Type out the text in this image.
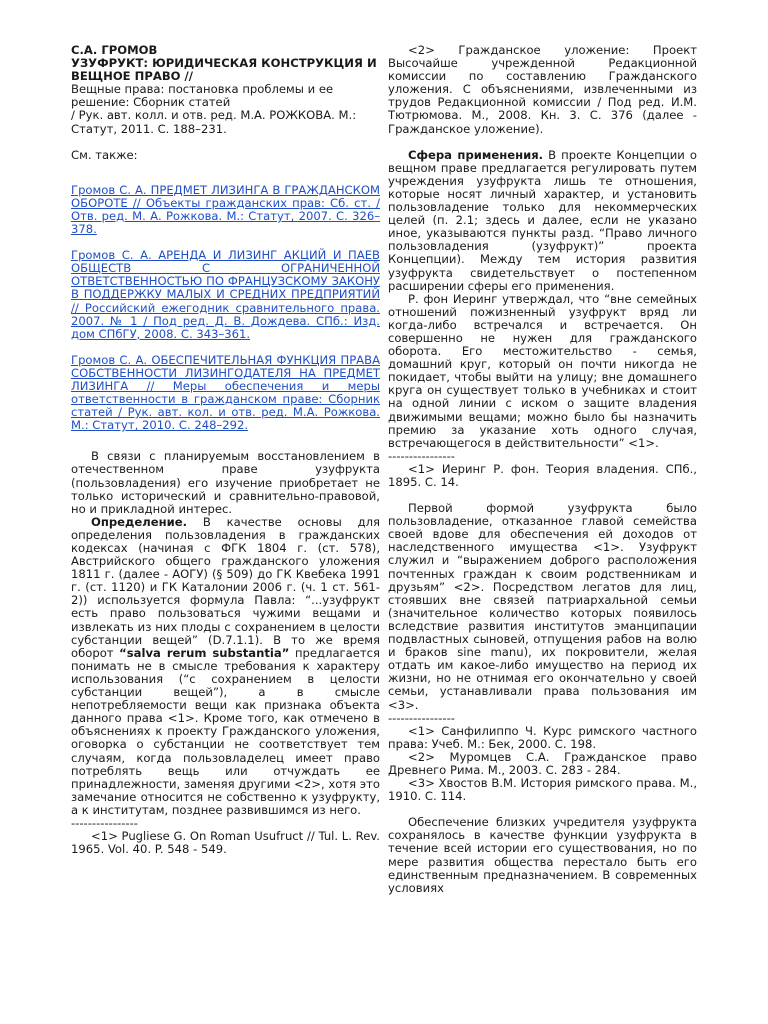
С.А. ГРОМОВ

УЗУФРУКТ: ЮРИДИЧЕСКАЯ КОНСТРУКЦИЯ И ВЕЩНОЕ ПРАВО //

Вещные права: постановка проблемы и ее решение: Сборник статей

/ Рук. авт. колл. и отв. ред. М.А. РОЖКОВА. М.: Статут, 2011. С. 188–231.

См. также:

Громов С. А. ПРЕДМЕТ ЛИЗИНГА В ГРАЖДАНСКОМ ОБОРОТЕ // Объекты гражданских прав: Сб. ст. / Отв. ред. М. А. Рожкова. М.: Статут, 2007. С. 326–378.

Громов С. А. АРЕНДА И ЛИЗИНГ АКЦИЙ И ПАЕВ ОБЩЕСТВ С ОГРАНИЧЕННОЙ ОТВЕТСТВЕННОСТЬЮ ПО ФРАНЦУЗСКОМУ ЗАКОНУ В ПОДДЕРЖКУ МАЛЫХ И СРЕДНИХ ПРЕДПРИЯТИЙ // Российский ежегодник сравнительного права. 2007. № 1 / Под ред. Д. В. Дождева. СПб.: Изд. дом СПбГУ, 2008. С. 343–361.

Громов С. А. ОБЕСПЕЧИТЕЛЬНАЯ ФУНКЦИЯ ПРАВА СОБСТВЕННОСТИ ЛИЗИНГОДАТЕЛЯ НА ПРЕДМЕТ ЛИЗИНГА // Меры обеспечения и меры ответственности в гражданском праве: Сборник статей / Рук. авт. кол. и отв. ред. М.А. Рожкова. М.: Статут, 2010. С. 248–292.

В связи с планируемым восстановлением в отечественном праве узуфрукта (пользовладения) его изучение приобретает не только исторический и сравнительно-правовой, но и прикладной интерес.

Определение. В качестве основы для определения пользовладения в гражданских кодексах (начиная с ФГК 1804 г. (ст. 578), Австрийского общего гражданского уложения 1811 г. (далее - АОГУ) (§ 509) до ГК Квебека 1991 г. (ст. 1120) и ГК Каталонии 2006 г. (ч. 1 ст. 561-2)) используется формула Павла: “...узуфрукт есть право пользоваться чужими вещами и извлекать из них плоды с сохранением в целости субстанции вещей” (D.7.1.1). В то же время оборот “salva rerum substantia” предлагается понимать не в смысле требования к характеру использования (“с сохранением в целости субстанции вещей”), а в смысле непотребляемости вещи как признака объекта данного права <1>. Кроме того, как отмечено в объяснениях к проекту Гражданского уложения, оговорка о субстанции не соответствует тем случаям, когда пользовладелец имеет право потреблять вещь или отчуждать ее принадлежности, заменяя другими <2>, хотя это замечание относится не собственно к узуфрукту, а к институтам, позднее развившимся из него.

----------------

<1> Pugliese G. On Roman Usufruct // Tul. L. Rev. 1965. Vol. 40. P. 548 - 549.

<2> Гражданское уложение: Проект Высочайше учрежденной Редакционной комиссии по составлению Гражданского уложения. С объяснениями, извлеченными из трудов Редакционной комиссии / Под ред. И.М. Тютрюмова. М., 2008. Кн. 3. С. 376 (далее - Гражданское уложение).

Сфера применения. В проекте Концепции о вещном праве предлагается регулировать путем учреждения узуфрукта лишь те отношения, которые носят личный характер, и установить пользовладение только для некоммерческих целей (п. 2.1; здесь и далее, если не указано иное, указываются пункты разд. “Право личного пользовладения (узуфрукт)” проекта Концепции). Между тем история развития узуфрукта свидетельствует о постепенном расширении сферы его применения.

Р. фон Иеринг утверждал, что “вне семейных отношений пожизненный узуфрукт вряд ли когда-либо встречался и встречается. Он совершенно не нужен для гражданского оборота. Его местожительство - семья, домашний круг, который он почти никогда не покидает, чтобы выйти на улицу; вне домашнего круга он существует только в учебниках и стоит на одной линии с иском о защите владения движимыми вещами; можно было бы назначить премию за указание хоть одного случая, встречающегося в действительности” <1>.

----------------

<1> Иеринг Р. фон. Теория владения. СПб., 1895. С. 14.

Первой формой узуфрукта было пользовладение, отказанное главой семейства своей вдове для обеспечения ей доходов от наследственного имущества <1>. Узуфрукт служил и “выражением доброго расположения почтенных граждан к своим родственникам и друзьям” <2>. Посредством легатов для лиц, стоявших вне связей патриархальной семьи (значительное количество которых появилось вследствие развития институтов эманципации подвластных сыновей, отпущения рабов на волю и браков sine manu), их покровители, желая отдать им какое-либо имущество на период их жизни, но не отнимая его окончательно у своей семьи, устанавливали права пользования им <3>.

----------------

<1> Санфилиппо Ч. Курс римского частного права: Учеб. М.: Бек, 2000. С. 198.

<2> Муромцев С.А. Гражданское право Древнего Рима. М., 2003. С. 283 - 284.

<3> Хвостов В.М. История римского права. М., 1910. С. 114.

Обеспечение близких учредителя узуфрукта сохранялось в качестве функции узуфрукта в течение всей истории его существования, но по мере развития общества перестало быть его единственным предназначением. В современных условиях
